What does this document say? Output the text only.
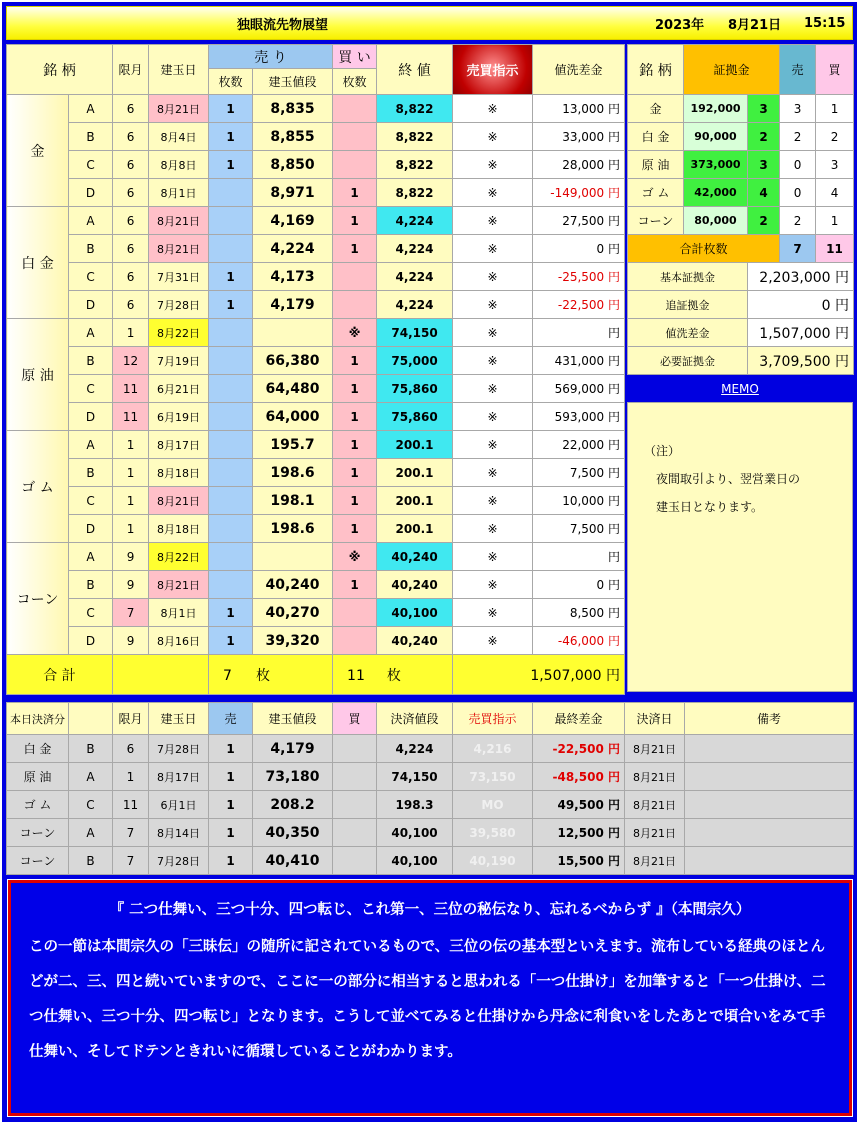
独眼流先物展望	2023年 8月21日 15:15
銘 柄		限月	建玉日	売 り		買 い	終 値	売買指示	値洗差金
				枚数	建玉値段	枚数			
金	A	6	8月21日	1	8,835		8,822	※	13,000 円
	B	6	8月4日	1	8,855		8,822	※	33,000 円
	C	6	8月8日	1	8,850		8,822	※	28,000 円
	D	6	8月1日		8,971	1	8,822	※	-149,000 円
白 金	A	6	8月21日		4,169	1	4,224	※	27,500 円
	B	6	8月21日		4,224	1	4,224	※	0 円
	C	6	7月31日	1	4,173		4,224	※	-25,500 円
	D	6	7月28日	1	4,179		4,224	※	-22,500 円
原 油	A	1	8月22日			※	74,150	※	円
	B	12	7月19日		66,380	1	75,000	※	431,000 円
	C	11	6月21日		64,480	1	75,860	※	569,000 円
	D	11	6月19日		64,000	1	75,860	※	593,000 円
ゴ ム	A	1	8月17日		195.7	1	200.1	※	22,000 円
	B	1	8月18日		198.6	1	200.1	※	7,500 円
	C	1	8月21日		198.1	1	200.1	※	10,000 円
	D	1	8月18日		198.6	1	200.1	※	7,500 円
コーン	A	9	8月22日			※	40,240	※	円
	B	9	8月21日		40,240	1	40,240	※	0 円
	C	7	8月1日	1	40,270		40,100	※	8,500 円
	D	9	8月16日	1	39,320		40,240	※	-46,000 円
合 計				7 枚		11 枚		1,507,000 円	
銘 柄	証拠金		売	買
金	192,000	3	3	1
白 金	90,000	2	2	2
原 油	373,000	3	0	3
ゴ ム	42,000	4	0	4
コーン	80,000	2	2	1
合計枚数			7	11
基本証拠金		2,203,000 円		
追証拠金		0 円		
値洗差金		1,507,000 円		
必要証拠金		3,709,500 円		
MEMO

（注）

夜間取引より、翌営業日の

建玉日となります。

本日決済分		限月	建玉日	売	建玉値段	買	決済値段	売買指示	最終差金	決済日	備考
白 金	B	6	7月28日	1	4,179		4,224	4,216	-22,500 円	8月21日	
原 油	A	1	8月17日	1	73,180		74,150	73,150	-48,500 円	8月21日	
ゴ ム	C	11	6月1日	1	208.2		198.3	MO	49,500 円	8月21日	
コーン	A	7	8月14日	1	40,350		40,100	39,580	12,500 円	8月21日	
コーン	B	7	7月28日	1	40,410		40,100	40,190	15,500 円	8月21日	
『 二つ仕舞い、三つ十分、四つ転じ、これ第一、三位の秘伝なり、忘れるべからず 』（本間宗久）
この一節は本間宗久の「三昧伝」の随所に記されているもので、三位の伝の基本型といえます。流布している経典のほとんどが二、三、四と続いていますので、ここに一の部分に相当すると思われる「一つ仕掛け」を加筆すると「一つ仕掛け、二つ仕舞い、三つ十分、四つ転じ」となります。こうして並べてみると仕掛けから丹念に利食いをしたあとで頃合いをみて手仕舞い、そしてドテンときれいに循環していることがわかります。
